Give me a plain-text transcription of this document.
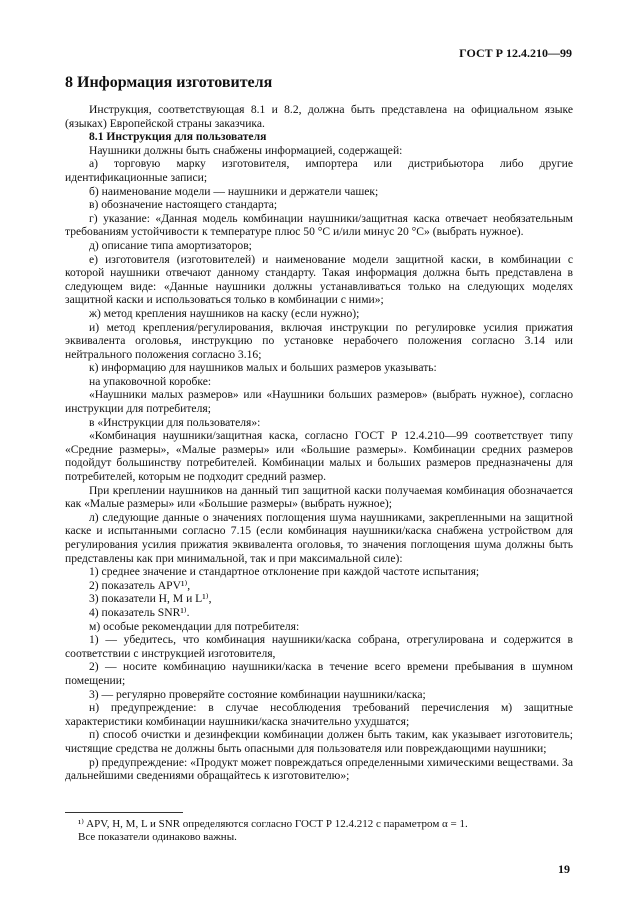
ГОСТ Р 12.4.210—99
8 Информация изготовителя

Инструкция, соответствующая 8.1 и 8.2, должна быть представлена на официальном языке (языках) Европейской страны заказчика.

8.1 Инструкция для пользователя

Наушники должны быть снабжены информацией, содержащей:

а) торговую марку изготовителя, импортера или дистрибьютора либо другие идентификационные записи;

б) наименование модели — наушники и держатели чашек;

в) обозначение настоящего стандарта;

г) указание: «Данная модель комбинации наушники/защитная каска отвечает необязательным требованиям устойчивости к температуре плюс 50 °С и/или минус 20 °С» (выбрать нужное).

д) описание типа амортизаторов;

е) изготовителя (изготовителей) и наименование модели защитной каски, в комбинации с которой наушники отвечают данному стандарту. Такая информация должна быть представлена в следующем виде: «Данные наушники должны устанавливаться только на следующих моделях защитной каски и использоваться только в комбинации с ними»;

ж) метод крепления наушников на каску (если нужно);

и) метод крепления/регулирования, включая инструкции по регулировке усилия прижатия эквивалента оголовья, инструкцию по установке нерабочего положения согласно 3.14 или нейтрального положения согласно 3.16;

к) информацию для наушников малых и больших размеров указывать:

на упаковочной коробке:

«Наушники малых размеров» или «Наушники больших размеров» (выбрать нужное), согласно инструкции для потребителя;

в «Инструкции для пользователя»:

«Комбинация наушники/защитная каска, согласно ГОСТ Р 12.4.210—99 соответствует типу «Средние размеры», «Малые размеры» или «Большие размеры». Комбинации средних размеров подойдут большинству потребителей. Комбинации малых и больших размеров предназначены для потребителей, которым не подходит средний размер.

При креплении наушников на данный тип защитной каски получаемая комбинация обозначается как «Малые размеры» или «Большие размеры» (выбрать нужное);

л) следующие данные о значениях поглощения шума наушниками, закрепленными на защитной каске и испытанными согласно 7.15 (если комбинация наушники/каска снабжена устройством для регулирования усилия прижатия эквивалента оголовья, то значения поглощения шума должны быть представлены как при минимальной, так и при максимальной силе):

1) среднее значение и стандартное отклонение при каждой частоте испытания;

2) показатель APV¹⁾,

3) показатели H, M и L¹⁾,

4) показатель SNR¹⁾.

м) особые рекомендации для потребителя:

1) — убедитесь, что комбинация наушники/каска собрана, отрегулирована и содержится в соответствии с инструкцией изготовителя,

2) — носите комбинацию наушники/каска в течение всего времени пребывания в шумном помещении;

3) — регулярно проверяйте состояние комбинации наушники/каска;

н) предупреждение: в случае несоблюдения требований перечисления м) защитные характеристики комбинации наушники/каска значительно ухудшатся;

п) способ очистки и дезинфекции комбинации должен быть таким, как указывает изготовитель; чистящие средства не должны быть опасными для пользователя или повреждающими наушники;

р) предупреждение: «Продукт может повреждаться определенными химическими веществами. За дальнейшими сведениями обращайтесь к изготовителю»;

¹⁾ APV, H, M, L и SNR определяются согласно ГОСТ Р 12.4.212 с параметром α = 1.

Все показатели одинаково важны.

19
